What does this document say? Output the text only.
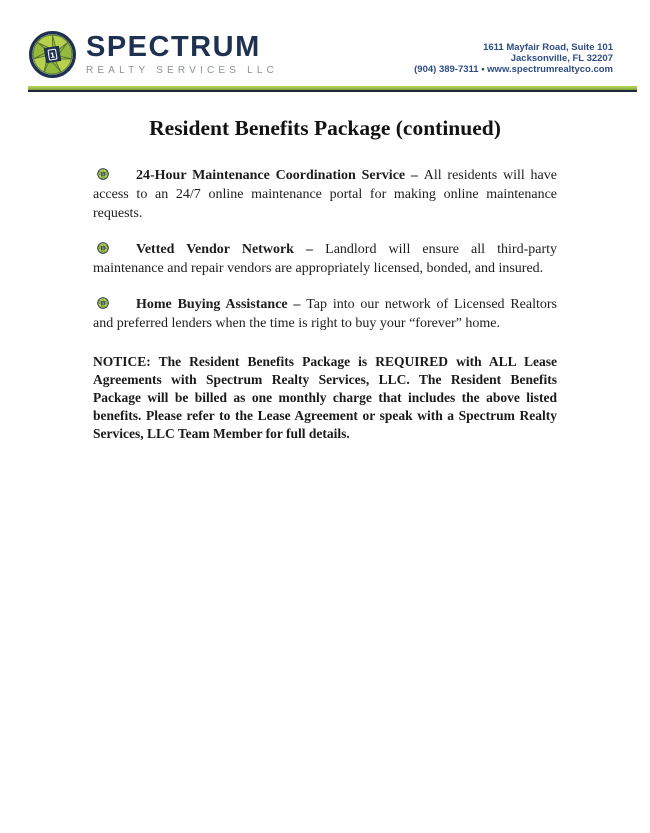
SPECTRUM
REALTY SERVICES LLC
1611 Mayfair Road, Suite 101
Jacksonville, FL 32207
(904) 389-7311 • www.spectrumrealtyco.com
Resident Benefits Package (continued)

24-Hour Maintenance Coordination Service – All residents will have access to an 24/7 online maintenance portal for making online maintenance requests.

Vetted Vendor Network – Landlord will ensure all third-party maintenance and repair vendors are appropriately licensed, bonded, and insured.

Home Buying Assistance – Tap into our network of Licensed Realtors and preferred lenders when the time is right to buy your “forever” home.

NOTICE: The Resident Benefits Package is REQUIRED with ALL Lease Agreements with Spectrum Realty Services, LLC. The Resident Benefits Package will be billed as one monthly charge that includes the above listed benefits. Please refer to the Lease Agreement or speak with a Spectrum Realty Services, LLC Team Member for full details.
